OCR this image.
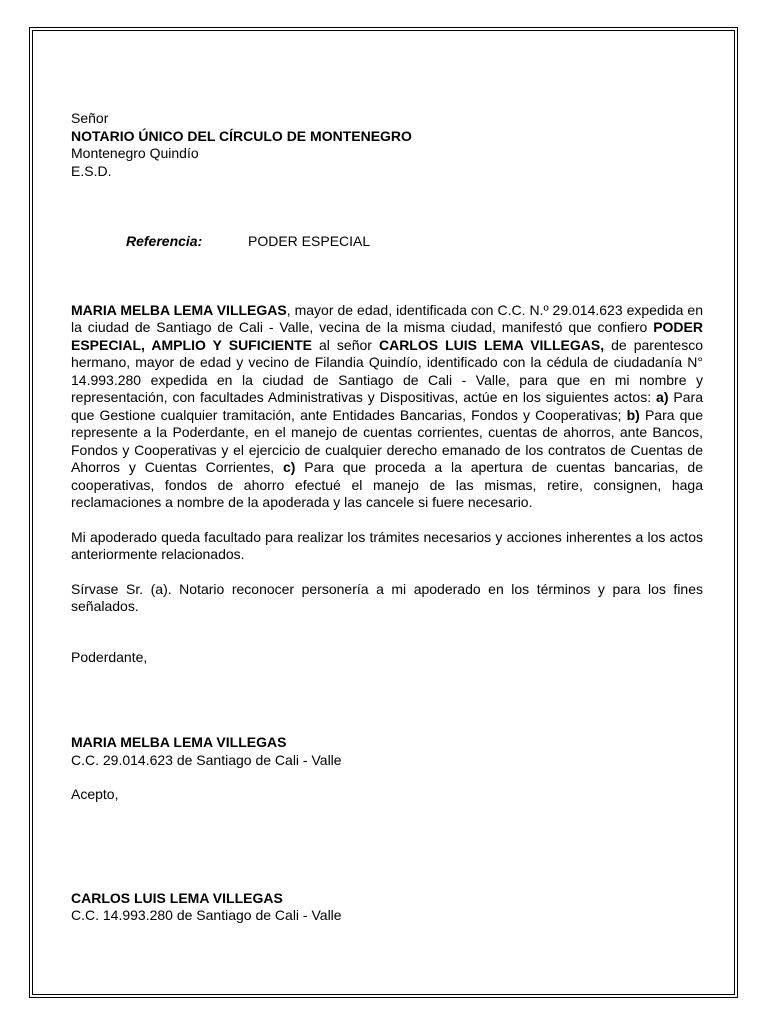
Señor
NOTARIO ÚNICO DEL CÍRCULO DE MONTENEGRO
Montenegro Quindío
E.S.D.
Referencia:	PODER ESPECIAL

MARIA MELBA LEMA VILLEGAS, mayor de edad, identificada con C.C. N.º 29.014.623 expedida en la ciudad de Santiago de Cali - Valle, vecina de la misma ciudad, manifestó que confiero PODER ESPECIAL, AMPLIO Y SUFICIENTE al señor CARLOS LUIS LEMA VILLEGAS, de parentesco hermano, mayor de edad y vecino de Filandia Quindío, identificado con la cédula de ciudadanía N° 14.993.280 expedida en la ciudad de Santiago de Cali - Valle, para que en mi nombre y representación, con facultades Administrativas y Dispositivas, actúe en los siguientes actos: a) Para que Gestione cualquier tramitación, ante Entidades Bancarias, Fondos y Cooperativas; b) Para que represente a la Poderdante, en el manejo de cuentas corrientes, cuentas de ahorros, ante Bancos, Fondos y Cooperativas y el ejercicio de cualquier derecho emanado de los contratos de Cuentas de Ahorros y Cuentas Corrientes, c) Para que proceda a la apertura de cuentas bancarias, de cooperativas, fondos de ahorro efectué el manejo de las mismas, retire, consignen, haga reclamaciones a nombre de la apoderada y las cancele si fuere necesario.

Mi apoderado queda facultado para realizar los trámites necesarios y acciones inherentes a los actos anteriormente relacionados.

Sírvase Sr. (a). Notario reconocer personería a mi apoderado en los términos y para los fines señalados.

Poderdante,
MARIA MELBA LEMA VILLEGAS
C.C. 29.014.623 de Santiago de Cali - Valle
Acepto,
CARLOS LUIS LEMA VILLEGAS
C.C. 14.993.280 de Santiago de Cali - Valle
